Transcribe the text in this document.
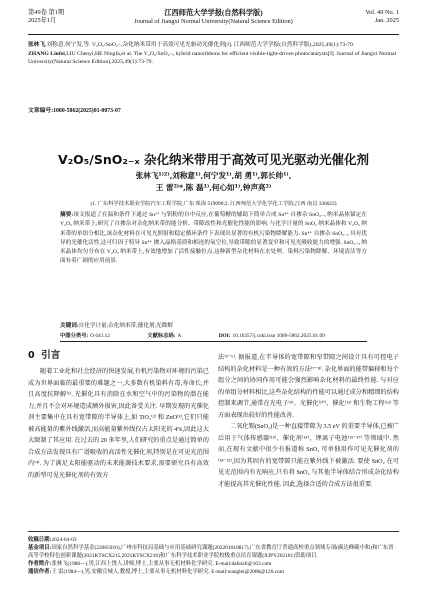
第49卷 第1期
2025年1月
江西师范大学学报(自然科学版)
Journal of Jiangxi Normal University(Natural Science Edition)
Vol. 49 No. 1
Jan. 2025

张林飞,刘称意,何宁发,等. V₂O₅/SnO₂₋ₓ杂化纳米带用于高效可见光驱动光催化剂[J]. 江西师范大学学报(自然科学版),2025,49(1):73-79.

ZHANG Linfei,LIU Chenyi,HE Ningfa,et al. The V₂O₅/SnO₂₋ₓ hybrid nanoribbons for efficient visible-light-driven photocatalysts[J]. Journal of Jiangxi Normal University(Natural Science Edition),2025,49(1):73-79.

文章编号:1000-5862(2025)01-0073-07
V₂O₅/SnO₂₋ₓ 杂化纳米带用于高效可见光驱动光催化剂
张林飞¹⁾²⁾,刘称意¹⁾,何宁发¹⁾,胡 勇¹⁾,郭长帅¹⁾,
王 雷²⁾*,陈 磊¹⁾,何心如¹⁾,钟声亮²⁾
(1. 广东科学技术职业学院汽车工程学院,广东 珠海 519090;2. 江西师范大学化学化工学院,江西 南昌 330022)
摘要:该文报道了在温和条件下通过 Sn²⁺ 与钒粉的自中反应,在葡萄糖的辅助下简单合成 Sn⁴⁺ 自掺杂 SnO₂₋ₓ 纳米晶体锚定在 V₂O₅ 纳米带上;研究了自掺杂对杂化纳米带的能分析、带隙改性和光催化性能的影响. 与化学计量的 SnO₂ 纳米晶体和 V₂O₅ 纳米带的单组分相比,该杂化材料在可见光照射和稳定循环条件下表现出显著的有机污染物降解能力. Sn⁴⁺ 自掺杂 SnO₂₋ₓ 具有优异的光催化活性,这可归因于特异 Sn⁴⁺ 掺入晶格基质和相连的氧空位,导致带隙的显著变窄和可见光吸收能力的增强. SnO₂₋ₓ 纳米晶体均匀分布在 V₂O₅ 纳米带上,有效地增加了活性接触位点,这种新型杂化材料在水处理、染料污染物降解、环境清洁等方面有着广阔的应用前景.
关键词:自化学计量;杂化纳米带;催化剂;光降解
中图分类号: O 641.12	文献标志码: A	DOI: 10.16357/j.cnki.issn 1000-5862.2025.01.09
0 引言

随着工业化和社会经济的快速发展,有机污染物对环境的污染已成为世界面临的最重要的难题之一,大多数有机染料有毒,寿命长,并且高度抗降解⁽¹⁾. 光催化具有消除在水和空气中的污染物的潜在能力,并且不会对环境造成额外损害,因此备受关注. 早期发现的光催化剂主要集中在具有宽带隙的半导体上,如 TiO₂⁽²⁾ 和 ZnO⁽³⁾,它们只能被高能量的紫外线激活,而高能量紫外线仅占太阳光的 4%,因此这大大限制了其应用. 在过去的 20 多年里,人们研究的重点是通过简单的合成方法发现具有广谱吸收的高活性光催化剂,特别是在可见光范围内⁽⁴⁾. 为了满足太阳能驱动的未来能源技术要求,需要研究具有高效的新型可见光催化剂的有效方

法⁽⁵⁻⁶⁾. 据报道,在半导体的宽带隙和窄带隙之间设计具有可控电子结构的杂化材料是一种有效的方法⁽⁷⁻⁸⁾. 杂化界面的能带偏移和每个组分之间的协同作用可能会强烈影响杂化材料的最终性能. 与对应的单组分材料相比,这些杂化结构的性能可以通过成分和精细的结构控制来调节,通常在光电子⁽⁹⁾、光催化⁽¹⁰⁾、催化⁽¹¹⁾ 和生物工程⁽¹²⁾ 等方面表现出较好的性能改善.

二氧化锡(SnO₂)是一种直接带隙为 3.5 eV 的重要半导体,已被广泛用于气体传感器⁽¹³⁾、催化剂⁽¹⁴⁾、锂离子电池⁽¹⁵⁻¹⁷⁾ 等领域中. 然而,在现有文献中很少有报道称 SnO₂ 可单独用作可见光催化剂的⁽¹⁸⁻²²⁾,因为其固有的宽带隙只能在紫外线下被激活. 要使 SnO₂ 在可见光范围内有光响应,只有将 SnO₂ 与其他半导体结合形成杂化结构才能提高其光催化性能. 因此,选择合适的合成方法很重要.

收稿日期:2024-04-03

基金项目:国家自然科学基金(22065016),广州市科技局基础与应用基础研究课题(202201010817),广东省教育厅普通高校重点领域专项(碳达峰碳中和)和广东省高等学校特色创新课题(2021KTSCX215,2021KTSCX216)和广东科学技术职业学院校级重点培育课题(XJPY202101)资助项目.

作者简介:张林飞(1986—),男,江西上饶人,讲师,博士,主要从事无机材料化学研究. E-mail:dafeizll@163.com

通信作者:王 雷(1984—),男,安徽宣城人,教授,博士,主要从事无机材料化学研究. E-mail:wanglei@2006@126.com
